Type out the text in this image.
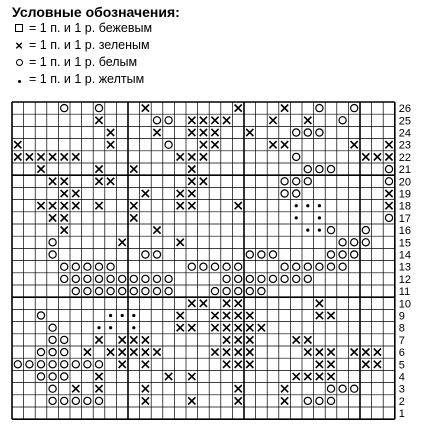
Условные обозначения:
= 1 п. и 1 р. бежевым
× = 1 п. и 1 р. зеленым
= 1 п. и 1 р. белым
= 1 п. и 1 р. желтым
1
2
3
4
5
6
7
8
9
10
11
12
13
14
15
16
17
18
19
20
21
22
23
24
25
26
